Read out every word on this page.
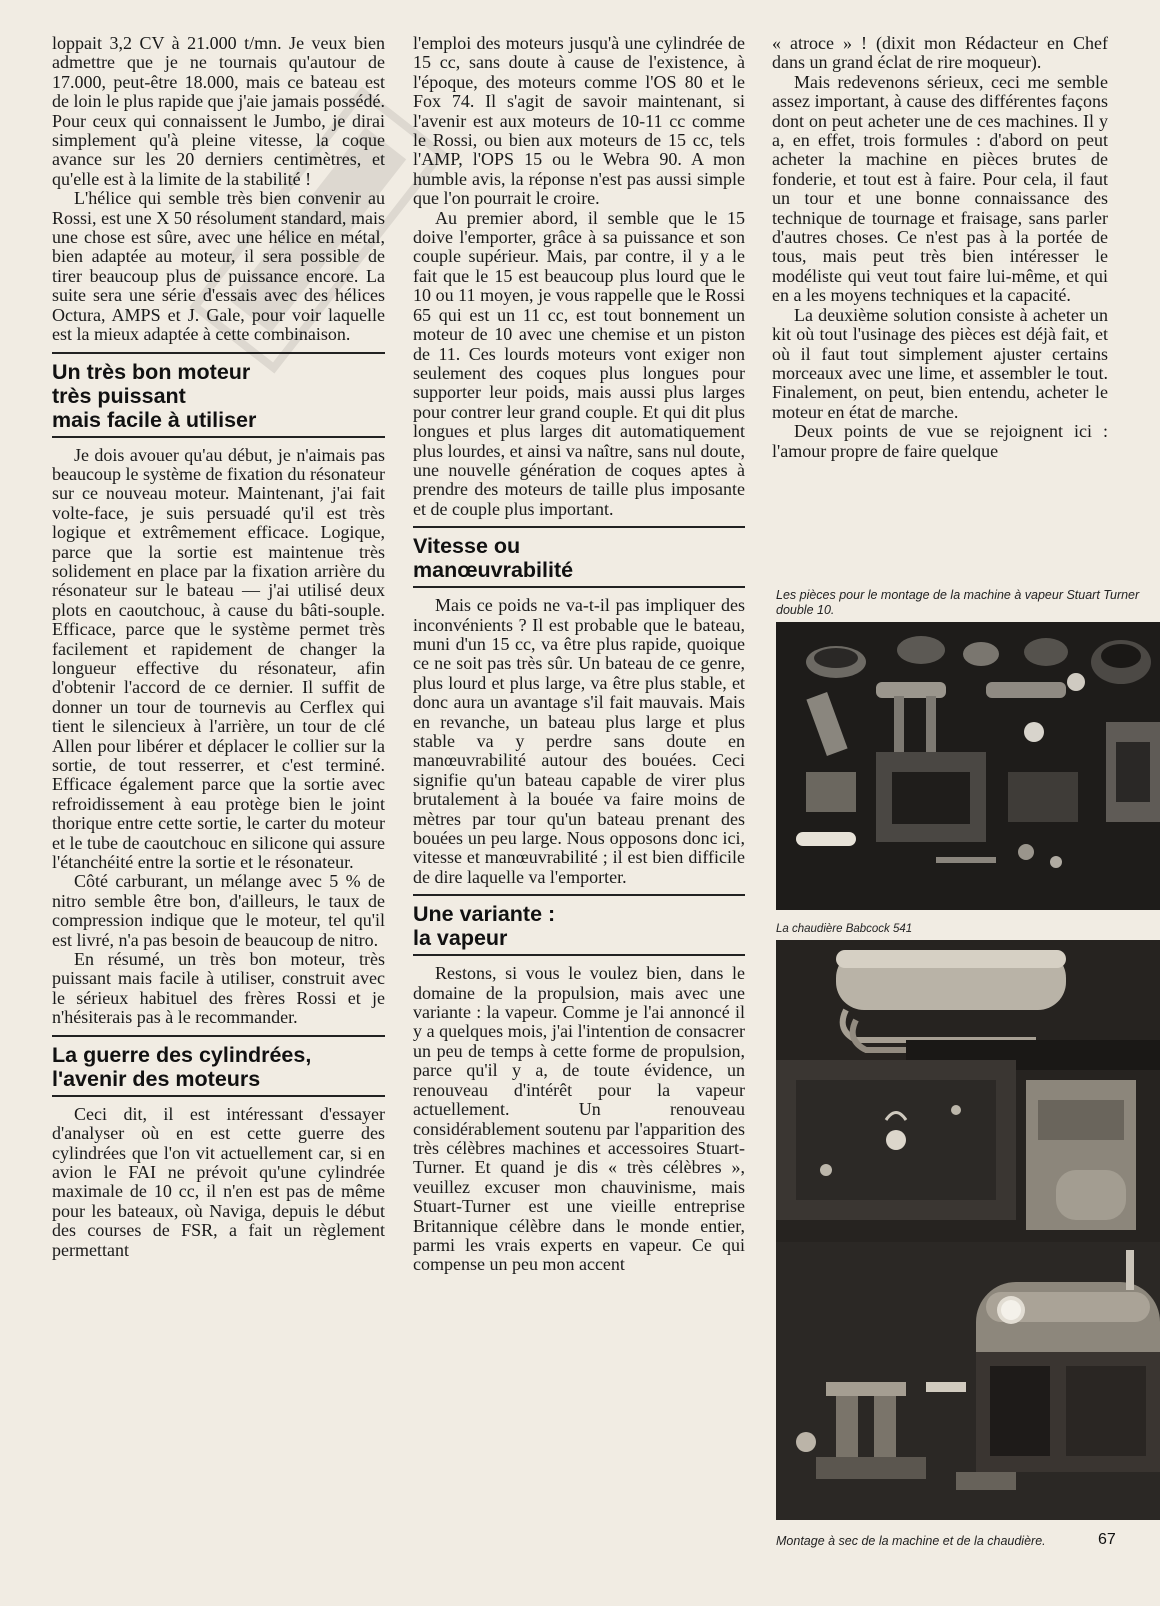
loppait 3,2 CV à 21.000 t/mn. Je veux bien admettre que je ne tournais qu'autour de 17.000, peut-être 18.000, mais ce bateau est de loin le plus rapide que j'aie jamais possédé. Pour ceux qui connaissent le Jumbo, je dirai simplement qu'à pleine vitesse, la coque avance sur les 20 derniers centimètres, et qu'elle est à la limite de la stabilité !

L'hélice qui semble très bien convenir au Rossi, est une X 50 résolument standard, mais une chose est sûre, avec une hélice en métal, bien adaptée au moteur, il sera possible de tirer beaucoup plus de puissance encore. La suite sera une série d'essais avec des hélices Octura, AMPS et J. Gale, pour voir laquelle est la mieux adaptée à cette combinaison.

Un très bon moteur
très puissant
mais facile à utiliser

Je dois avouer qu'au début, je n'aimais pas beaucoup le système de fixation du résonateur sur ce nouveau moteur. Maintenant, j'ai fait volte-face, je suis persuadé qu'il est très logique et extrêmement efficace. Logique, parce que la sortie est maintenue très solidement en place par la fixation arrière du résonateur sur le bateau — j'ai utilisé deux plots en caoutchouc, à cause du bâti-souple. Efficace, parce que le système permet très facilement et rapidement de changer la longueur effective du résonateur, afin d'obtenir l'accord de ce dernier. Il suffit de donner un tour de tournevis au Cerflex qui tient le silencieux à l'arrière, un tour de clé Allen pour libérer et déplacer le collier sur la sortie, de tout resserrer, et c'est terminé. Efficace également parce que la sortie avec refroidissement à eau protège bien le joint thorique entre cette sortie, le carter du moteur et le tube de caoutchouc en silicone qui assure l'étanchéité entre la sortie et le résonateur.

Côté carburant, un mélange avec 5 % de nitro semble être bon, d'ailleurs, le taux de compression indique que le moteur, tel qu'il est livré, n'a pas besoin de beaucoup de nitro.

En résumé, un très bon moteur, très puissant mais facile à utiliser, construit avec le sérieux habituel des frères Rossi et je n'hésiterais pas à le recommander.

La guerre des cylindrées,
l'avenir des moteurs

Ceci dit, il est intéressant d'essayer d'analyser où en est cette guerre des cylindrées que l'on vit actuellement car, si en avion le FAI ne prévoit qu'une cylindrée maximale de 10 cc, il n'en est pas de même pour les bateaux, où Naviga, depuis le début des courses de FSR, a fait un règlement permettant

l'emploi des moteurs jusqu'à une cylindrée de 15 cc, sans doute à cause de l'existence, à l'époque, des moteurs comme l'OS 80 et le Fox 74. Il s'agit de savoir maintenant, si l'avenir est aux moteurs de 10-11 cc comme le Rossi, ou bien aux moteurs de 15 cc, tels l'AMP, l'OPS 15 ou le Webra 90. A mon humble avis, la réponse n'est pas aussi simple que l'on pourrait le croire.

Au premier abord, il semble que le 15 doive l'emporter, grâce à sa puissance et son couple supérieur. Mais, par contre, il y a le fait que le 15 est beaucoup plus lourd que le 10 ou 11 moyen, je vous rappelle que le Rossi 65 qui est un 11 cc, est tout bonnement un moteur de 10 avec une chemise et un piston de 11. Ces lourds moteurs vont exiger non seulement des coques plus longues pour supporter leur poids, mais aussi plus larges pour contrer leur grand couple. Et qui dit plus longues et plus larges dit automatiquement plus lourdes, et ainsi va naître, sans nul doute, une nouvelle génération de coques aptes à prendre des moteurs de taille plus imposante et de couple plus important.

Vitesse ou
manœuvrabilité

Mais ce poids ne va-t-il pas impliquer des inconvénients ? Il est probable que le bateau, muni d'un 15 cc, va être plus rapide, quoique ce ne soit pas très sûr. Un bateau de ce genre, plus lourd et plus large, va être plus stable, et donc aura un avantage s'il fait mauvais. Mais en revanche, un bateau plus large et plus stable va y perdre sans doute en manœuvrabilité autour des bouées. Ceci signifie qu'un bateau capable de virer plus brutalement à la bouée va faire moins de mètres par tour qu'un bateau prenant des bouées un peu large. Nous opposons donc ici, vitesse et manœuvrabilité ; il est bien difficile de dire laquelle va l'emporter.

Une variante :
la vapeur

Restons, si vous le voulez bien, dans le domaine de la propulsion, mais avec une variante : la vapeur. Comme je l'ai annoncé il y a quelques mois, j'ai l'intention de consacrer un peu de temps à cette forme de propulsion, parce qu'il y a, de toute évidence, un renouveau d'intérêt pour la vapeur actuellement. Un renouveau considérablement soutenu par l'apparition des très célèbres machines et accessoires Stuart-Turner. Et quand je dis « très célèbres », veuillez excuser mon chauvinisme, mais Stuart-Turner est une vieille entreprise Britannique célèbre dans le monde entier, parmi les vrais experts en vapeur. Ce qui compense un peu mon accent

« atroce » ! (dixit mon Rédacteur en Chef dans un grand éclat de rire moqueur).

Mais redevenons sérieux, ceci me semble assez important, à cause des différentes façons dont on peut acheter une de ces machines. Il y a, en effet, trois formules : d'abord on peut acheter la machine en pièces brutes de fonderie, et tout est à faire. Pour cela, il faut un tour et une bonne connaissance des technique de tournage et fraisage, sans parler d'autres choses. Ce n'est pas à la portée de tous, mais peut très bien intéresser le modéliste qui veut tout faire lui-même, et qui en a les moyens techniques et la capacité.

La deuxième solution consiste à acheter un kit où tout l'usinage des pièces est déjà fait, et où il faut tout simplement ajuster certains morceaux avec une lime, et assembler le tout. Finalement, on peut, bien entendu, acheter le moteur en état de marche.

Deux points de vue se rejoignent ici : l'amour propre de faire quelque

Les pièces pour le montage de la machine à vapeur Stuart Turner double 10.
La chaudière Babcock 541
Montage à sec de la machine et de la chaudière.	67
